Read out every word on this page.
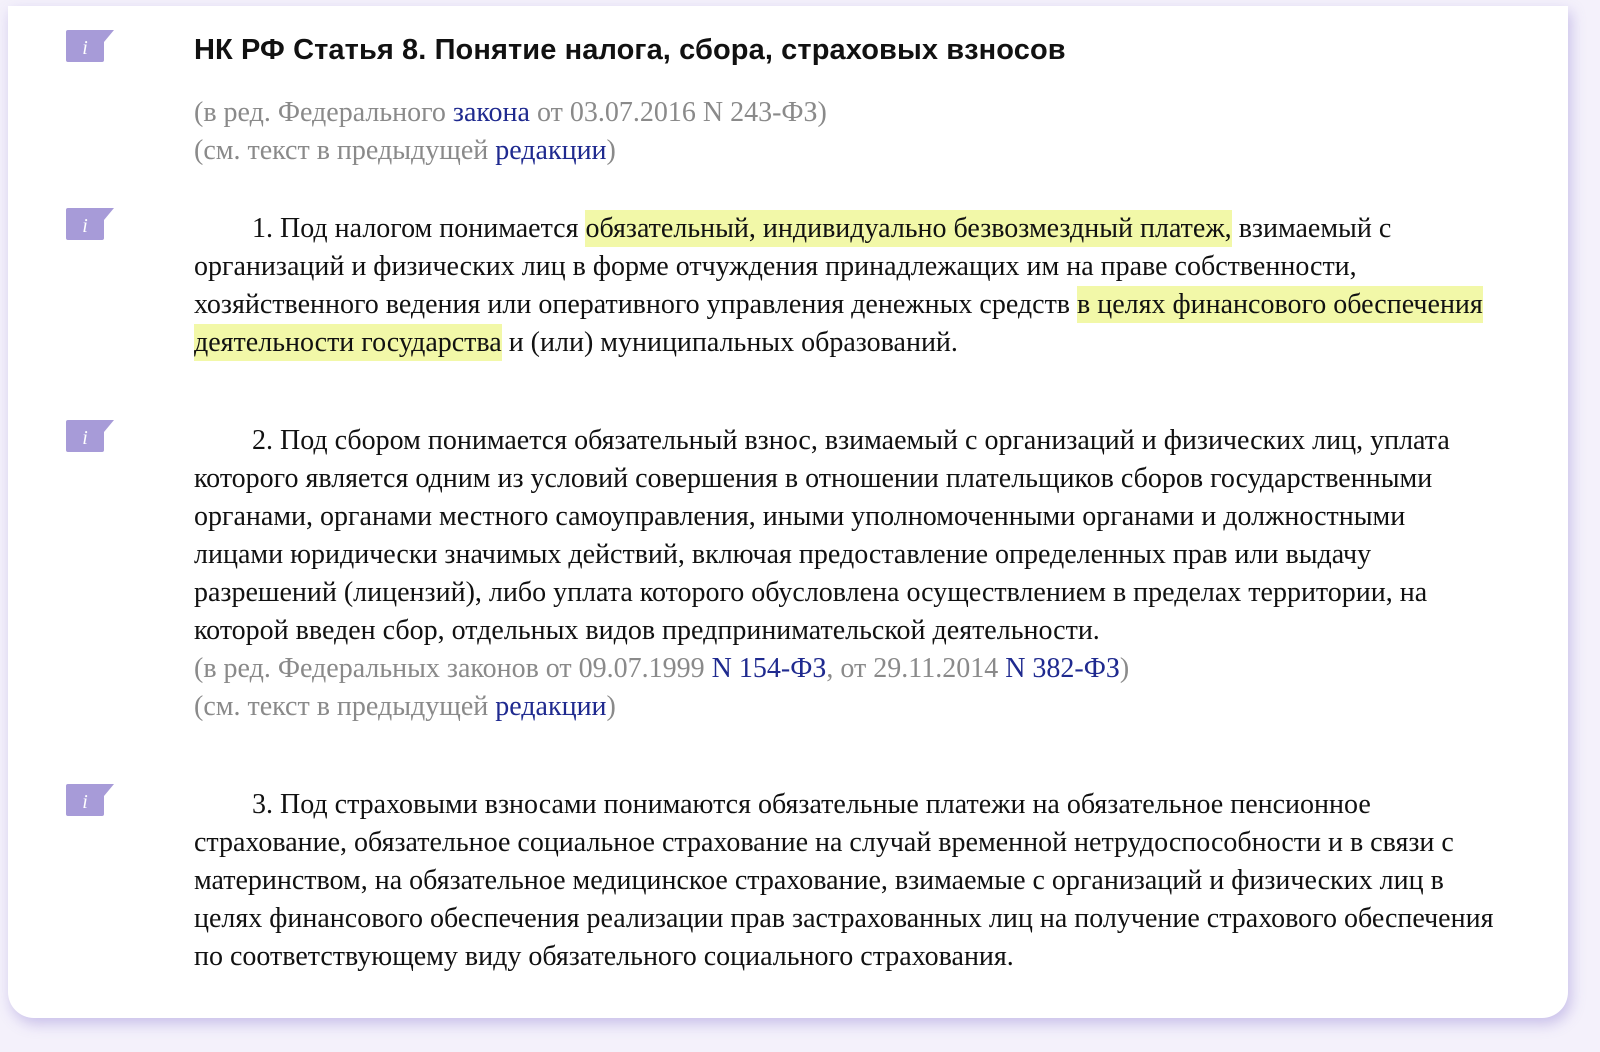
i
i
i
i
НК РФ Статья 8. Понятие налога, сбора, страховых взносов

(в ред. Федерального закона от 03.07.2016 N 243-ФЗ)

(см. текст в предыдущей редакции)

1. Под налогом понимается обязательный, индивидуально безвозмездный платеж, взимаемый с организаций и физических лиц в форме отчуждения принадлежащих им на праве собственности, хозяйственного ведения или оперативного управления денежных средств в целях финансового обеспечения деятельности государства и (или) муниципальных образований.

2. Под сбором понимается обязательный взнос, взимаемый с организаций и физических лиц, уплата которого является одним из условий совершения в отношении плательщиков сборов государственными органами, органами местного самоуправления, иными уполномоченными органами и должностными лицами юридически значимых действий, включая предоставление определенных прав или выдачу разрешений (лицензий), либо уплата которого обусловлена осуществлением в пределах территории, на которой введен сбор, отдельных видов предпринимательской деятельности.

(в ред. Федеральных законов от 09.07.1999 N 154-ФЗ, от 29.11.2014 N 382-ФЗ)

(см. текст в предыдущей редакции)

3. Под страховыми взносами понимаются обязательные платежи на обязательное пенсионное страхование, обязательное социальное страхование на случай временной нетрудоспособности и в связи с материнством, на обязательное медицинское страхование, взимаемые с организаций и физических лиц в целях финансового обеспечения реализации прав застрахованных лиц на получение страхового обеспечения по соответствующему виду обязательного социального страхования.
